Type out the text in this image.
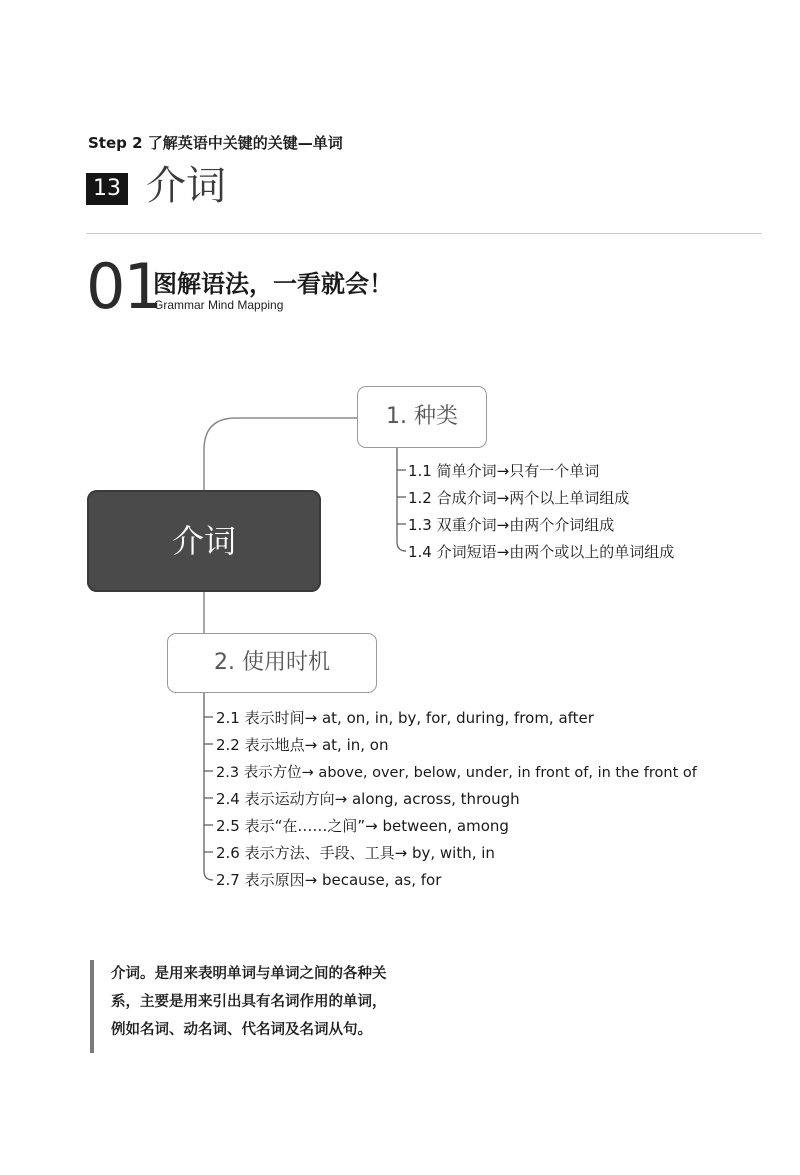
Step 2 了解英语中关键的关键—单词
13 介词
01
图解语法，一看就会！
Grammar Mind Mapping
介词
1. 种类
2. 使用时机
1.1 简单介词→只有一个单词
1.2 合成介词→两个以上单词组成
1.3 双重介词→由两个介词组成
1.4 介词短语→由两个或以上的单词组成
2.1 表示时间→ at, on, in, by, for, during, from, after
2.2 表示地点→ at, in, on
2.3 表示方位→ above, over, below, under, in front of, in the front of
2.4 表示运动方向→ along, across, through
2.5 表示“在……之间”→ between, among
2.6 表示方法、手段、工具→ by, with, in
2.7 表示原因→ because, as, for
介词。是用来表明单词与单词之间的各种关
系，主要是用来引出具有名词作用的单词，
例如名词、动名词、代名词及名词从句。
